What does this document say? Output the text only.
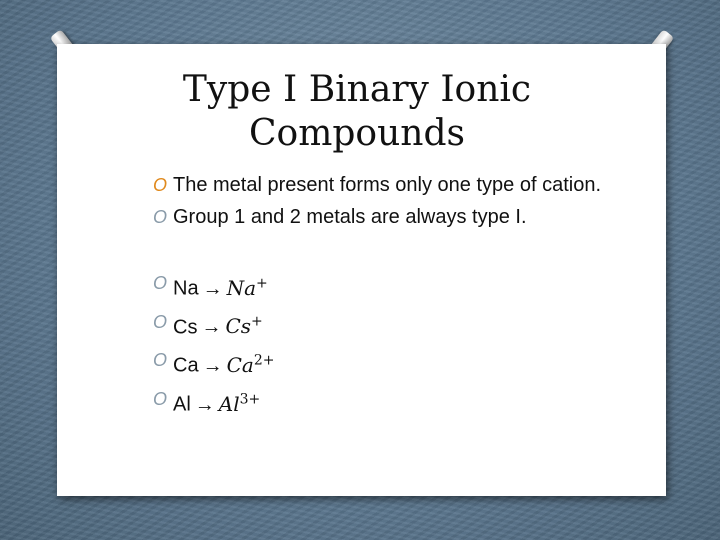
Type I Binary Ionic
Compounds
O The metal present forms only one type of cation.
O Group 1 and 2 metals are always type I.
O Na → Na+
O Cs → Cs+
O $Ca \to Ca^{2+}$
O $Al \to Al^{3+}$
